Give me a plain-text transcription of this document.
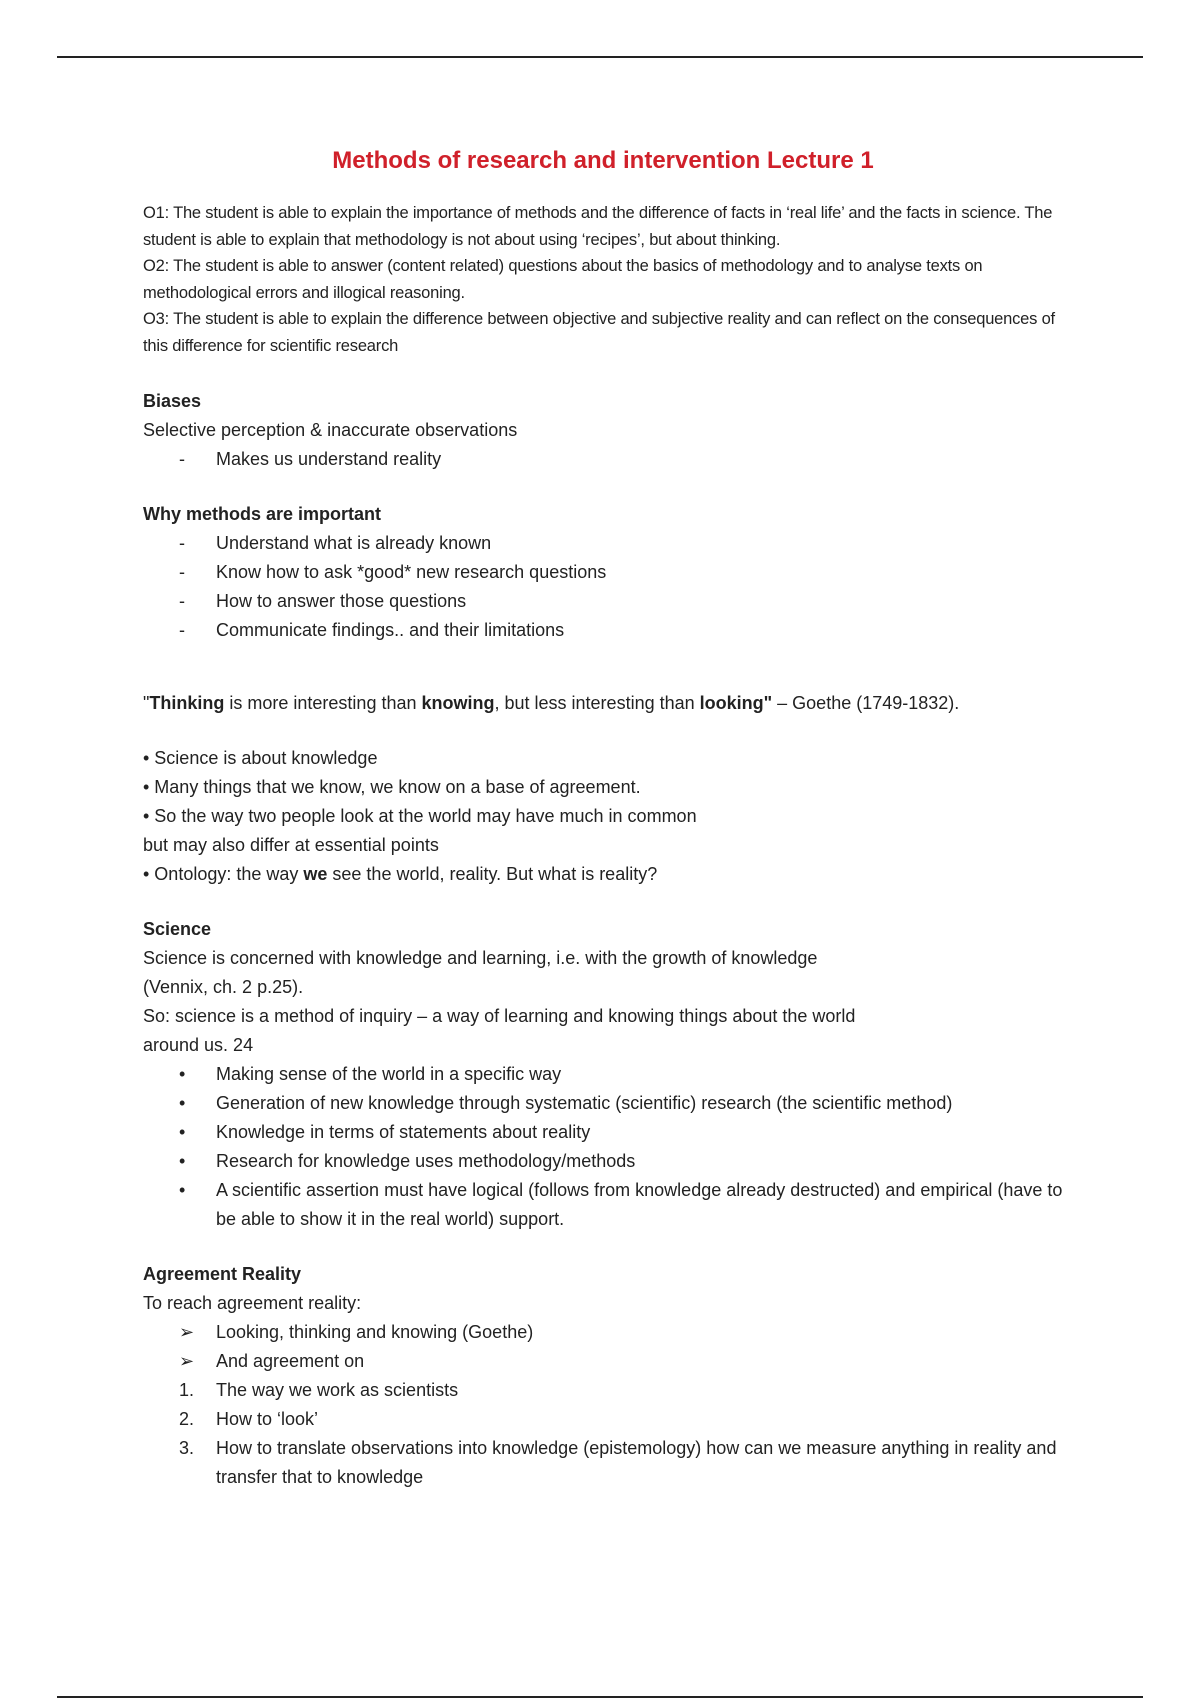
Methods of research and intervention Lecture 1

O1: The student is able to explain the importance of methods and the difference of facts in ‘real life’ and the facts in science. The student is able to explain that methodology is not about using ‘recipes’, but about thinking.

O2: The student is able to answer (content related) questions about the basics of methodology and to analyse texts on methodological errors and illogical reasoning.

O3: The student is able to explain the difference between objective and subjective reality and can reflect on the consequences of this difference for scientific research

Biases

Selective perception & inaccurate observations

-	Makes us understand reality

Why methods are important

-	Understand what is already known
-	Know how to ask *good* new research questions
-	How to answer those questions
-	Communicate findings.. and their limitations

"Thinking is more interesting than knowing, but less interesting than looking" – Goethe (1749-1832).

• Science is about knowledge

• Many things that we know, we know on a base of agreement.

• So the way two people look at the world may have much in common

but may also differ at essential points

• Ontology: the way we see the world, reality. But what is reality?

Science

Science is concerned with knowledge and learning, i.e. with the growth of knowledge

(Vennix, ch. 2 p.25).

So: science is a method of inquiry – a way of learning and knowing things about the world

around us. 24

•	Making sense of the world in a specific way
•	Generation of new knowledge through systematic (scientific) research (the scientific method)
•	Knowledge in terms of statements about reality
•	Research for knowledge uses methodology/methods
•	A scientific assertion must have logical (follows from knowledge already destructed) and empirical (have to be able to show it in the real world) support.

Agreement Reality

To reach agreement reality:

➢	Looking, thinking and knowing (Goethe)
➢	And agreement on
1.	The way we work as scientists
2.	How to ‘look’
3.	How to translate observations into knowledge (epistemology) how can we measure anything in reality and transfer that to knowledge
